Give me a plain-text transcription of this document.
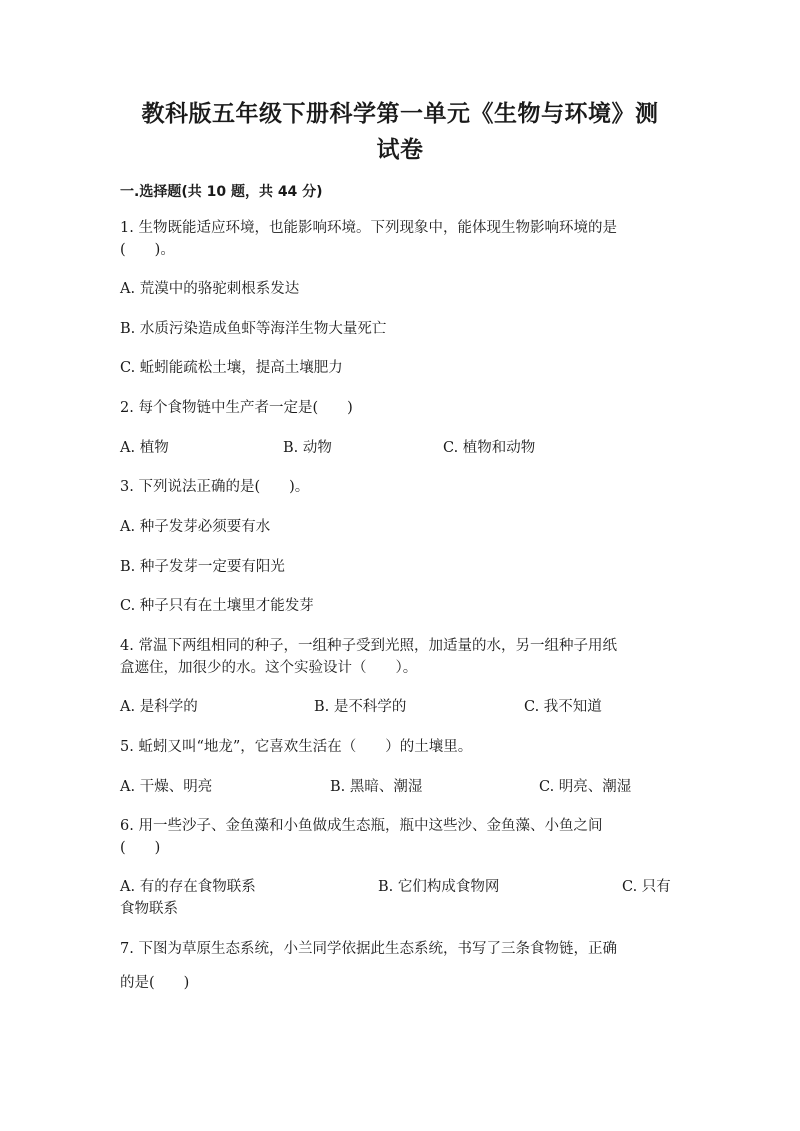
教科版五年级下册科学第一单元《生物与环境》测
试卷
一.选择题(共 10 题，共 44 分)
1. 生物既能适应环境，也能影响环境。下列现象中，能体现生物影响环境的是
(　　)。
A. 荒漠中的骆驼刺根系发达
B. 水质污染造成鱼虾等海洋生物大量死亡
C. 蚯蚓能疏松土壤，提高土壤肥力
2. 每个食物链中生产者一定是(　　)
A. 植物	B. 动物	C. 植物和动物
3. 下列说法正确的是(　　)。
A. 种子发芽必须要有水
B. 种子发芽一定要有阳光
C. 种子只有在土壤里才能发芽
4. 常温下两组相同的种子，一组种子受到光照，加适量的水，另一组种子用纸
盒遮住，加很少的水。这个实验设计（　　）。
A. 是科学的	B. 是不科学的	C. 我不知道
5. 蚯蚓又叫“地龙”，它喜欢生活在（　　）的土壤里。
A. 干燥、明亮	B. 黑暗、潮湿	C. 明亮、潮湿
6. 用一些沙子、金鱼藻和小鱼做成生态瓶，瓶中这些沙、金鱼藻、小鱼之间
(　　)
A. 有的存在食物联系	B. 它们构成食物网	C. 只有
食物联系
7. 下图为草原生态系统，小兰同学依据此生态系统，书写了三条食物链，正确
的是(　　)
